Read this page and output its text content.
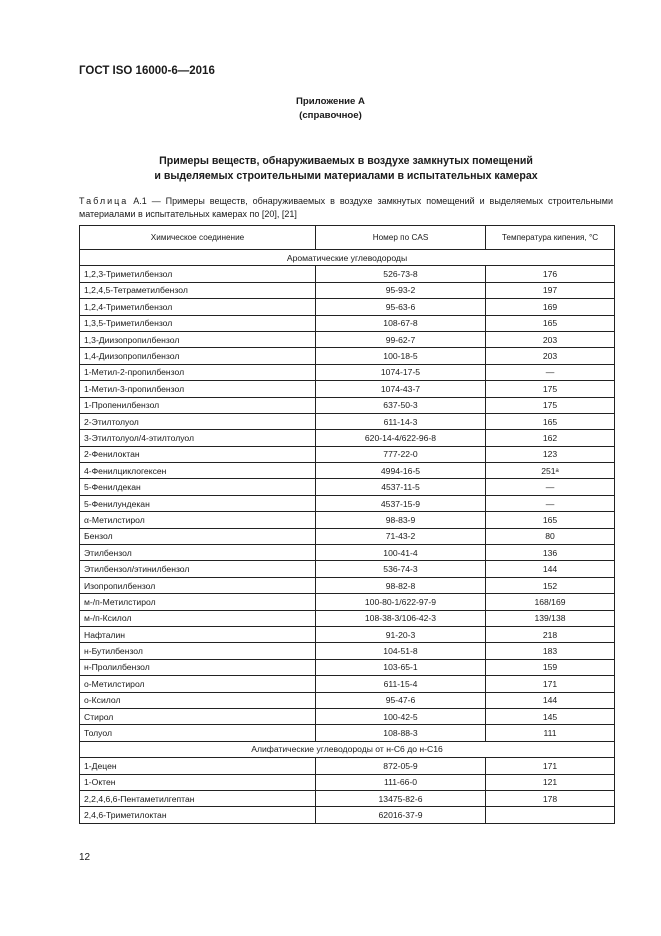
ГОСТ ISO 16000-6—2016
Приложение А
(справочное)
Примеры веществ, обнаруживаемых в воздухе замкнутых помещений
и выделяемых строительными материалами в испытательных камерах
Таблица А.1 — Примеры веществ, обнаруживаемых в воздухе замкнутых помещений и выделяемых строительными материалами в испытательных камерах по [20], [21]
Химическое соединение	Номер по CAS	Температура кипения, °С
Ароматические углеводороды		
1,2,3-Триметилбензол	526-73-8	176
1,2,4,5-Тетраметилбензол	95-93-2	197
1,2,4-Триметилбензол	95-63-6	169
1,3,5-Триметилбензол	108-67-8	165
1,3-Диизопропилбензол	99-62-7	203
1,4-Диизопропилбензол	100-18-5	203
1-Метил-2-пропилбензол	1074-17-5	—
1-Метил-3-пропилбензол	1074-43-7	175
1-Пропенилбензол	637-50-3	175
2-Этилтолуол	611-14-3	165
3-Этилтолуол/4-этилтолуол	620-14-4/622-96-8	162
2-Фенилоктан	777-22-0	123
4-Фенилциклогексен	4994-16-5	251ᵃ
5-Фенилдекан	4537-11-5	—
5-Фенилундекан	4537-15-9	—
α-Метилстирол	98-83-9	165
Бензол	71-43-2	80
Этилбензол	100-41-4	136
Этилбензол/этинилбензол	536-74-3	144
Изопропилбензол	98-82-8	152
м-/п-Метилстирол	100-80-1/622-97-9	168/169
м-/п-Ксилол	108-38-3/106-42-3	139/138
Нафталин	91-20-3	218
н-Бутилбензол	104-51-8	183
н-Пролилбензол	103-65-1	159
о-Метилстирол	611-15-4	171
о-Ксилол	95-47-6	144
Стирол	100-42-5	145
Толуол	108-88-3	111
Алифатические углеводороды от н-C6 до н-C16		
1-Децен	872-05-9	171
1-Октен	111-66-0	121
2,2,4,6,6-Пентаметилгептан	13475-82-6	178
2,4,6-Триметилоктан	62016-37-9	
12
